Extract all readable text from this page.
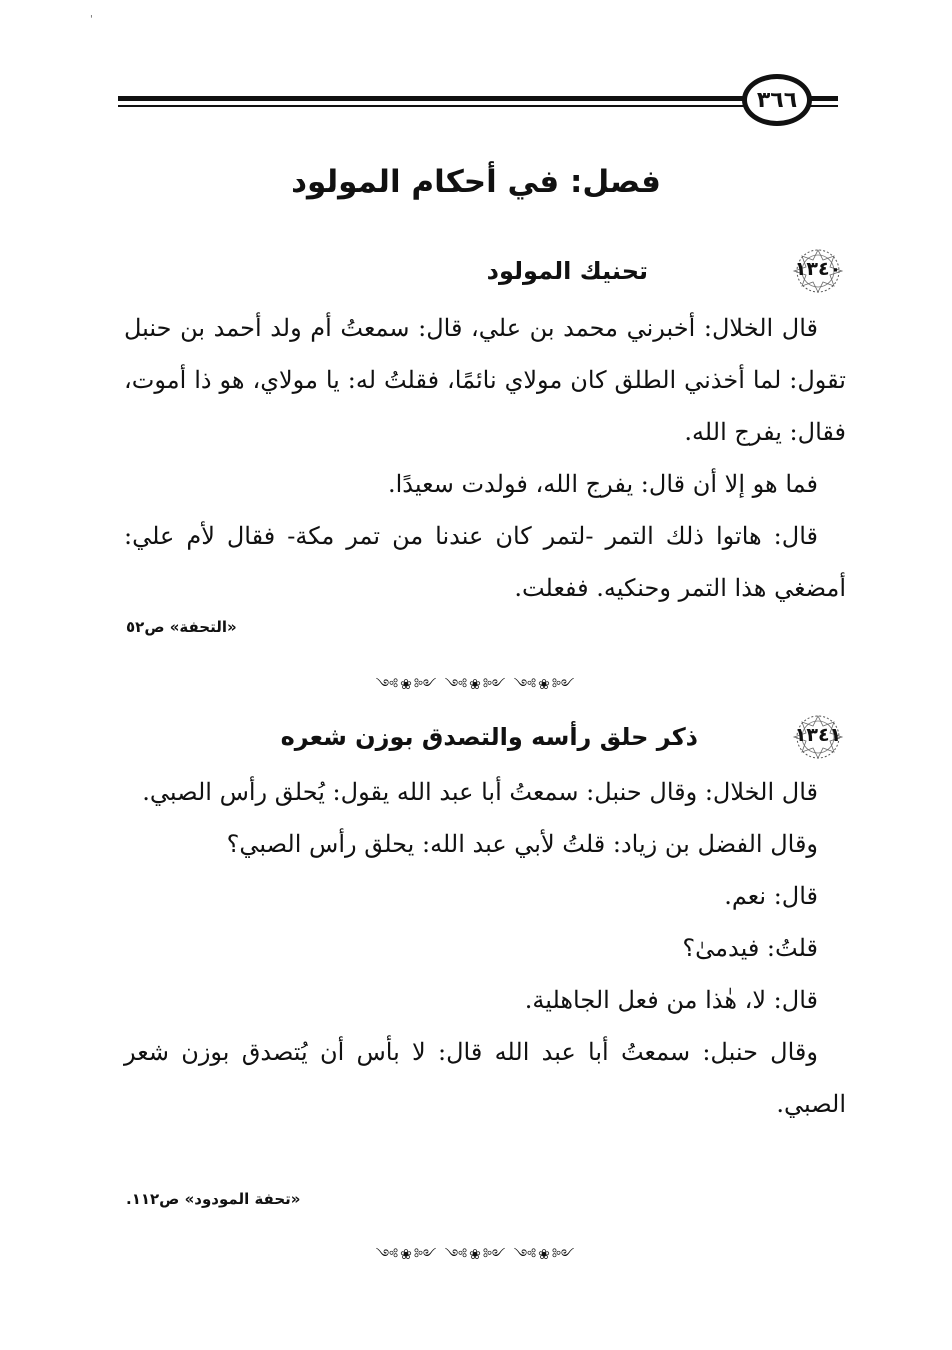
'
٣٦٦
فصل: في أحكام المولود
١٣٤٠
تحنيك المولود

قال الخلال: أخبرني محمد بن علي، قال: سمعتُ أم ولد أحمد بن حنبل تقول: لما أخذني الطلق كان مولاي نائمًا، فقلتُ له: يا مولاي، هو ذا أموت، فقال: يفرج الله.

فما هو إلا أن قال: يفرج الله، فولدت سعيدًا.

قال: هاتوا ذلك التمر -لتمر كان عندنا من تمر مكة- فقال لأم علي: أمضغي هذا التمر وحنكيه. ففعلت.

«التحفة» ص٥٢
༺❀༻ ༺❀༻ ༺❀༻
١٣٤١
ذكر حلق رأسه والتصدق بوزن شعره

قال الخلال: وقال حنبل: سمعتُ أبا عبد الله يقول: يُحلق رأس الصبي.

وقال الفضل بن زياد: قلتُ لأبي عبد الله: يحلق رأس الصبي؟

قال: نعم.

قلتُ: فيدمىٰ؟

قال: لا، هٰذا من فعل الجاهلية.

وقال حنبل: سمعتُ أبا عبد الله قال: لا بأس أن يُتصدق بوزن شعر الصبي.

«تحفة المودود» ص١١٢.
༺❀༻ ༺❀༻ ༺❀༻
